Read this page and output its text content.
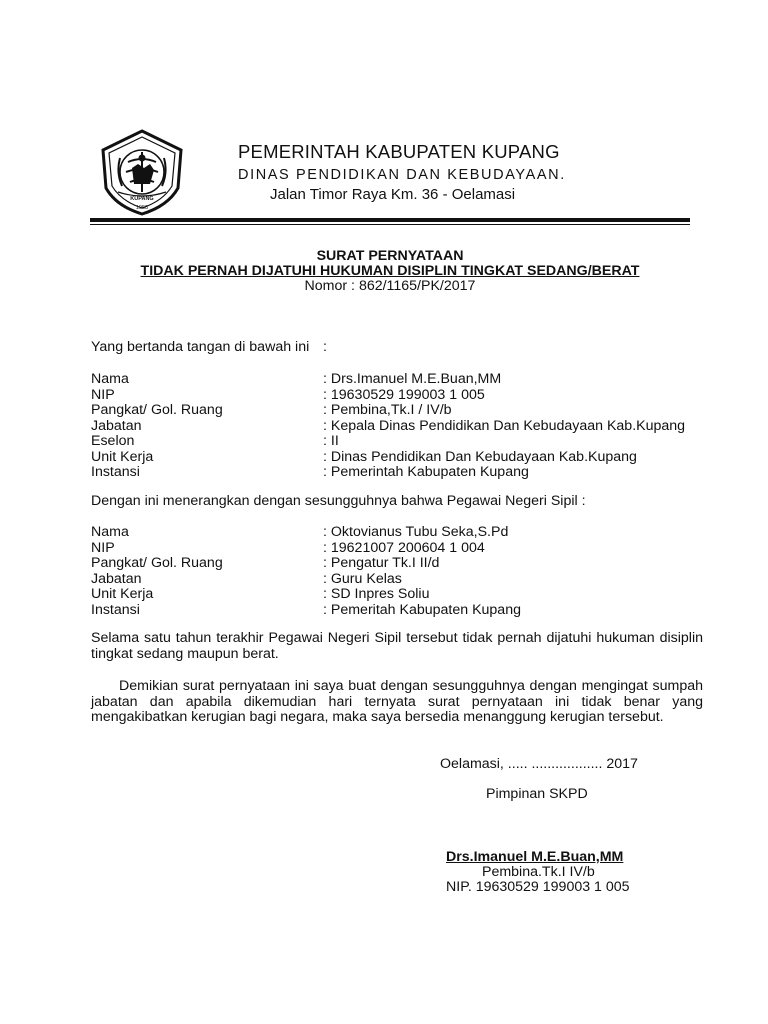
KUPANG
1958
PEMERINTAH KABUPATEN KUPANG
DINAS PENDIDIKAN DAN KEBUDAYAAN.
Jalan Timor Raya Km. 36 - Oelamasi
SURAT PERNYATAAN
TIDAK PERNAH DIJATUHI HUKUMAN DISIPLIN TINGKAT SEDANG/BERAT
Nomor : 862/1165/PK/2017
Yang bertanda tangan di bawah ini :
Nama	: Drs.Imanuel M.E.Buan,MM
NIP	: 19630529 199003 1 005
Pangkat/ Gol. Ruang	: Pembina,Tk.I / IV/b
Jabatan	: Kepala Dinas Pendidikan Dan Kebudayaan Kab.Kupang
Eselon	: II
Unit Kerja	: Dinas Pendidikan Dan Kebudayaan Kab.Kupang
Instansi	: Pemerintah Kabupaten Kupang
Dengan ini menerangkan dengan sesungguhnya bahwa Pegawai Negeri Sipil :
Nama	: Oktovianus Tubu Seka,S.Pd
NIP	: 19621007 200604 1 004
Pangkat/ Gol. Ruang	: Pengatur Tk.I II/d
Jabatan	: Guru Kelas
Unit Kerja	: SD Inpres Soliu
Instansi	: Pemeritah Kabupaten Kupang
Selama satu tahun terakhir Pegawai Negeri Sipil tersebut tidak pernah dijatuhi hukuman disiplin tingkat sedang maupun berat.
Demikian surat pernyataan ini saya buat dengan sesungguhnya dengan mengingat sumpah jabatan dan apabila dikemudian hari ternyata surat pernyataan ini tidak benar yang mengakibatkan kerugian bagi negara, maka saya bersedia menanggung kerugian tersebut.
Oelamasi, ..... .................. 2017
Pimpinan SKPD
Drs.Imanuel M.E.Buan,MM
Pembina.Tk.I IV/b
NIP. 19630529 199003 1 005
